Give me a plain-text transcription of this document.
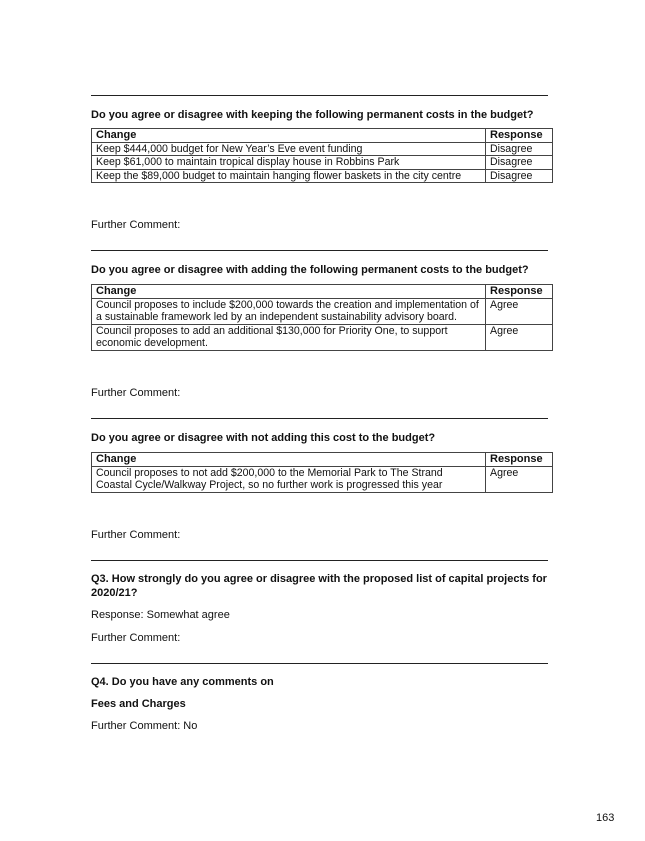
Do you agree or disagree with keeping the following permanent costs in the budget?
Change	Response
Keep $444,000 budget for New Year’s Eve event funding	Disagree
Keep $61,000 to maintain tropical display house in Robbins Park	Disagree
Keep the $89,000 budget to maintain hanging flower baskets in the city centre	Disagree
Further Comment:
Do you agree or disagree with adding the following permanent costs to the budget?
Change	Response
Council proposes to include $200,000 towards the creation and implementation of a sustainable framework led by an independent sustainability advisory board.	Agree
Council proposes to add an additional $130,000 for Priority One, to support economic development.	Agree
Further Comment:
Do you agree or disagree with not adding this cost to the budget?
Change	Response
Council proposes to not add $200,000 to the Memorial Park to The Strand Coastal Cycle/Walkway Project, so no further work is progressed this year	Agree
Further Comment:
Q3. How strongly do you agree or disagree with the proposed list of capital projects for 2020/21?
Response: Somewhat agree
Further Comment:
Q4. Do you have any comments on
Fees and Charges
Further Comment: No
163
